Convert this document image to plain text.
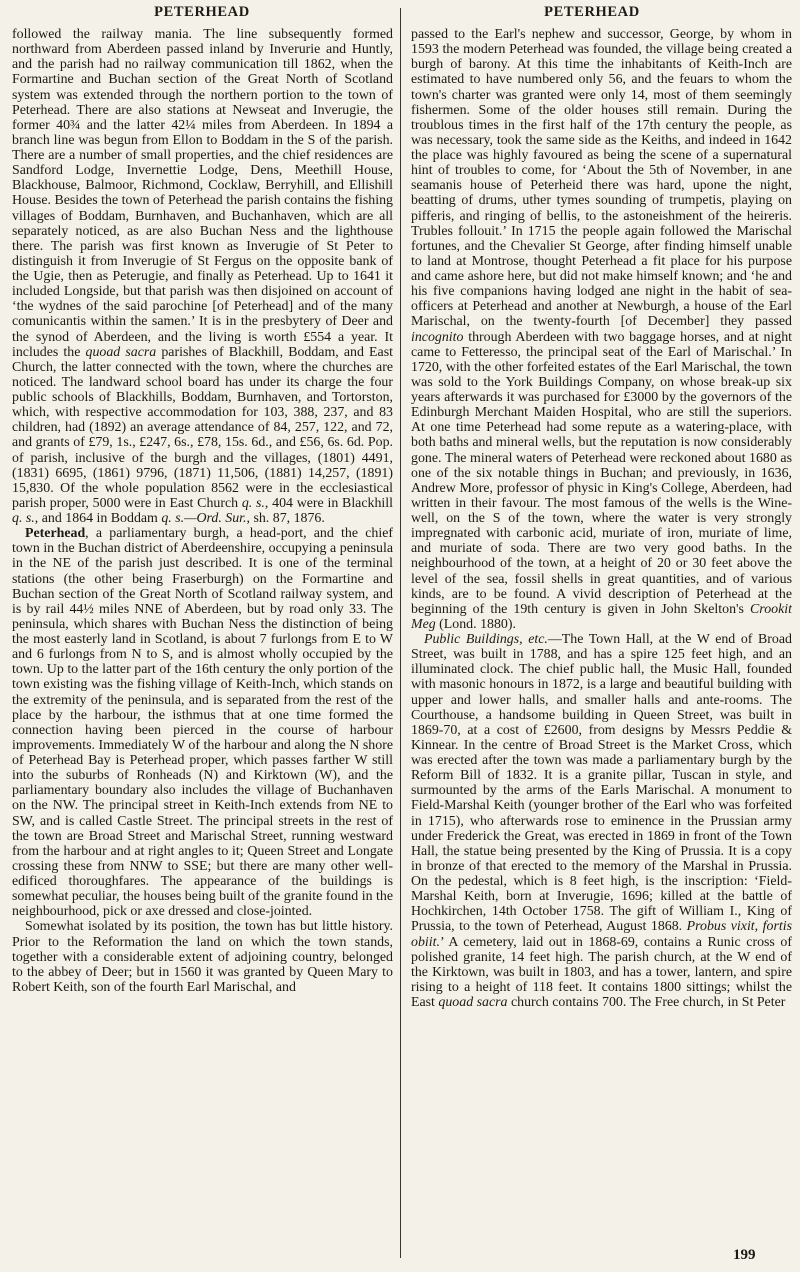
PETERHEAD	PETERHEAD

followed the railway mania. The line subsequently formed northward from Aberdeen passed inland by Inverurie and Huntly, and the parish had no railway communication till 1862, when the Formartine and Buchan section of the Great North of Scotland system was extended through the northern portion to the town of Peterhead. There are also stations at Newseat and Inverugie, the former 40¾ and the latter 42¼ miles from Aberdeen. In 1894 a branch line was begun from Ellon to Boddam in the S of the parish. There are a number of small properties, and the chief residences are Sandford Lodge, Invernettie Lodge, Dens, Meethill House, Blackhouse, Balmoor, Richmond, Cocklaw, Berryhill, and Ellishill House. Besides the town of Peterhead the parish contains the fishing villages of Boddam, Burnhaven, and Buchanhaven, which are all separately noticed, as are also Buchan Ness and the lighthouse there. The parish was first known as Inverugie of St Peter to distinguish it from Inverugie of St Fergus on the opposite bank of the Ugie, then as Peterugie, and finally as Peterhead. Up to 1641 it included Longside, but that parish was then disjoined on account of ‘the wydnes of the said parochine [of Peterhead] and of the many comunicantis within the samen.’ It is in the presbytery of Deer and the synod of Aberdeen, and the living is worth £554 a year. It includes the quoad sacra parishes of Blackhill, Boddam, and East Church, the latter connected with the town, where the churches are noticed. The landward school board has under its charge the four public schools of Blackhills, Boddam, Burnhaven, and Tortorston, which, with respective accommodation for 103, 388, 237, and 83 children, had (1892) an average attendance of 84, 257, 122, and 72, and grants of £79, 1s., £247, 6s., £78, 15s. 6d., and £56, 6s. 6d. Pop. of parish, inclusive of the burgh and the villages, (1801) 4491, (1831) 6695, (1861) 9796, (1871) 11,506, (1881) 14,257, (1891) 15,830. Of the whole population 8562 were in the ecclesiastical parish proper, 5000 were in East Church q. s., 404 were in Blackhill q. s., and 1864 in Boddam q. s.—Ord. Sur., sh. 87, 1876.

Peterhead, a parliamentary burgh, a head-port, and the chief town in the Buchan district of Aberdeenshire, occupying a peninsula in the NE of the parish just described. It is one of the terminal stations (the other being Fraserburgh) on the Formartine and Buchan section of the Great North of Scotland railway system, and is by rail 44½ miles NNE of Aberdeen, but by road only 33. The peninsula, which shares with Buchan Ness the distinction of being the most easterly land in Scotland, is about 7 furlongs from E to W and 6 furlongs from N to S, and is almost wholly occupied by the town. Up to the latter part of the 16th century the only portion of the town existing was the fishing village of Keith-Inch, which stands on the extremity of the peninsula, and is separated from the rest of the place by the harbour, the isthmus that at one time formed the connection having been pierced in the course of harbour improvements. Immediately W of the harbour and along the N shore of Peterhead Bay is Peterhead proper, which passes farther W still into the suburbs of Ronheads (N) and Kirktown (W), and the parliamentary boundary also includes the village of Buchanhaven on the NW. The principal street in Keith-Inch extends from NE to SW, and is called Castle Street. The principal streets in the rest of the town are Broad Street and Marischal Street, running westward from the harbour and at right angles to it; Queen Street and Longate crossing these from NNW to SSE; but there are many other well-edificed thoroughfares. The appearance of the buildings is somewhat peculiar, the houses being built of the granite found in the neighbourhood, pick or axe dressed and close-jointed.

Somewhat isolated by its position, the town has but little history. Prior to the Reformation the land on which the town stands, together with a considerable extent of adjoining country, belonged to the abbey of Deer; but in 1560 it was granted by Queen Mary to Robert Keith, son of the fourth Earl Marischal, and

passed to the Earl's nephew and successor, George, by whom in 1593 the modern Peterhead was founded, the village being created a burgh of barony. At this time the inhabitants of Keith-Inch are estimated to have numbered only 56, and the feuars to whom the town's charter was granted were only 14, most of them seemingly fishermen. Some of the older houses still remain. During the troublous times in the first half of the 17th century the people, as was necessary, took the same side as the Keiths, and indeed in 1642 the place was highly favoured as being the scene of a supernatural hint of troubles to come, for ‘About the 5th of November, in ane seamanis house of Peterheid there was hard, upone the night, beatting of drums, uther tymes sounding of trumpetis, playing on pifferis, and ringing of bellis, to the astoneishment of the heireris. Trubles follouit.’ In 1715 the people again followed the Marischal fortunes, and the Chevalier St George, after finding himself unable to land at Montrose, thought Peterhead a fit place for his purpose and came ashore here, but did not make himself known; and ‘he and his five companions having lodged ane night in the habit of sea-officers at Peterhead and another at Newburgh, a house of the Earl Marischal, on the twenty-fourth [of December] they passed incognito through Aberdeen with two baggage horses, and at night came to Fetteresso, the principal seat of the Earl of Marischal.’ In 1720, with the other forfeited estates of the Earl Marischal, the town was sold to the York Buildings Company, on whose break-up six years afterwards it was purchased for £3000 by the governors of the Edinburgh Merchant Maiden Hospital, who are still the superiors. At one time Peterhead had some repute as a watering-place, with both baths and mineral wells, but the reputation is now considerably gone. The mineral waters of Peterhead were reckoned about 1680 as one of the six notable things in Buchan; and previously, in 1636, Andrew More, professor of physic in King's College, Aberdeen, had written in their favour. The most famous of the wells is the Wine-well, on the S of the town, where the water is very strongly impregnated with carbonic acid, muriate of iron, muriate of lime, and muriate of soda. There are two very good baths. In the neighbourhood of the town, at a height of 20 or 30 feet above the level of the sea, fossil shells in great quantities, and of various kinds, are to be found. A vivid description of Peterhead at the beginning of the 19th century is given in John Skelton's Crookit Meg (Lond. 1880).

Public Buildings, etc.—The Town Hall, at the W end of Broad Street, was built in 1788, and has a spire 125 feet high, and an illuminated clock. The chief public hall, the Music Hall, founded with masonic honours in 1872, is a large and beautiful building with upper and lower halls, and smaller halls and ante-rooms. The Courthouse, a handsome building in Queen Street, was built in 1869-70, at a cost of £2600, from designs by Messrs Peddie & Kinnear. In the centre of Broad Street is the Market Cross, which was erected after the town was made a parliamentary burgh by the Reform Bill of 1832. It is a granite pillar, Tuscan in style, and surmounted by the arms of the Earls Marischal. A monument to Field-Marshal Keith (younger brother of the Earl who was forfeited in 1715), who afterwards rose to eminence in the Prussian army under Frederick the Great, was erected in 1869 in front of the Town Hall, the statue being presented by the King of Prussia. It is a copy in bronze of that erected to the memory of the Marshal in Prussia. On the pedestal, which is 8 feet high, is the inscription: ‘Field-Marshal Keith, born at Inverugie, 1696; killed at the battle of Hochkirchen, 14th October 1758. The gift of William I., King of Prussia, to the town of Peterhead, August 1868. Probus vixit, fortis obiit.’ A cemetery, laid out in 1868-69, contains a Runic cross of polished granite, 14 feet high. The parish church, at the W end of the Kirktown, was built in 1803, and has a tower, lantern, and spire rising to a height of 118 feet. It contains 1800 sittings; whilst the East quoad sacra church contains 700. The Free church, in St Peter

199
